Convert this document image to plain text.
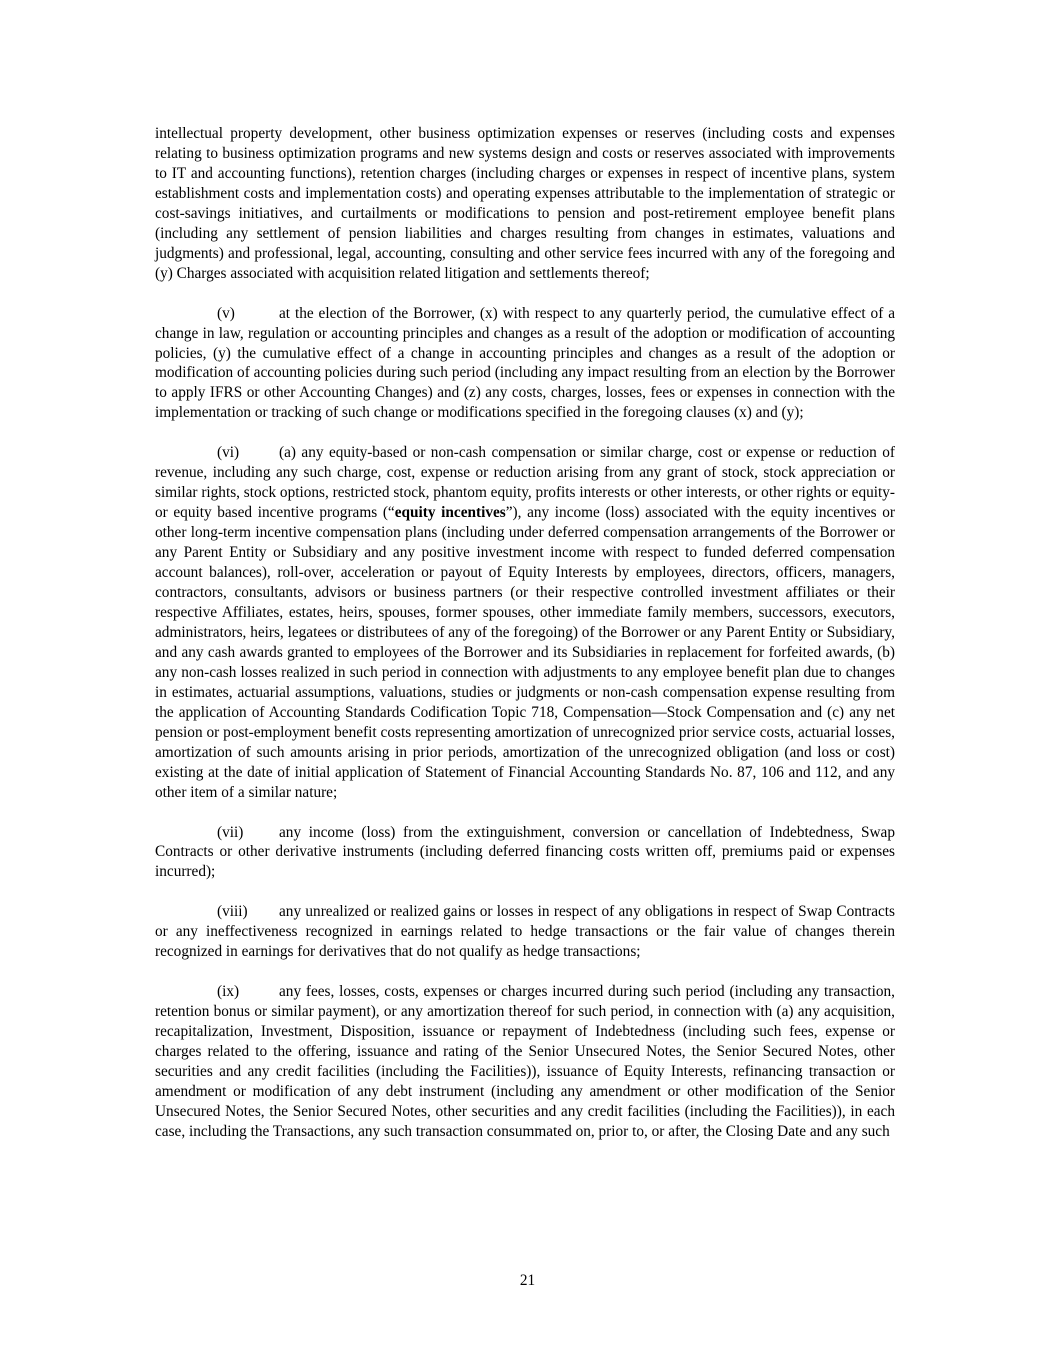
intellectual property development, other business optimization expenses or reserves (including costs and expenses relating to business optimization programs and new systems design and costs or reserves associated with improvements to IT and accounting functions), retention charges (including charges or expenses in respect of incentive plans, system establishment costs and implementation costs) and operating expenses attributable to the implementation of strategic or cost-savings initiatives, and curtailments or modifications to pension and post-retirement employee benefit plans (including any settlement of pension liabilities and charges resulting from changes in estimates, valuations and judgments) and professional, legal, accounting, consulting and other service fees incurred with any of the foregoing and (y) Charges associated with acquisition related litigation and settlements thereof;

(v)	at the election of the Borrower, (x) with respect to any quarterly period, the cumulative effect of a change in law, regulation or accounting principles and changes as a result of the adoption or modification of accounting policies, (y) the cumulative effect of a change in accounting principles and changes as a result of the adoption or modification of accounting policies during such period (including any impact resulting from an election by the Borrower to apply IFRS or other Accounting Changes) and (z) any costs, charges, losses, fees or expenses in connection with the implementation or tracking of such change or modifications specified in the foregoing clauses (x) and (y);

(vi)	(a) any equity-based or non-cash compensation or similar charge, cost or expense or reduction of revenue, including any such charge, cost, expense or reduction arising from any grant of stock, stock appreciation or similar rights, stock options, restricted stock, phantom equity, profits interests or other interests, or other rights or equity- or equity based incentive programs (“equity incentives”), any income (loss) associated with the equity incentives or other long-term incentive compensation plans (including under deferred compensation arrangements of the Borrower or any Parent Entity or Subsidiary and any positive investment income with respect to funded deferred compensation account balances), roll-over, acceleration or payout of Equity Interests by employees, directors, officers, managers, contractors, consultants, advisors or business partners (or their respective controlled investment affiliates or their respective Affiliates, estates, heirs, spouses, former spouses, other immediate family members, successors, executors, administrators, heirs, legatees or distributees of any of the foregoing) of the Borrower or any Parent Entity or Subsidiary, and any cash awards granted to employees of the Borrower and its Subsidiaries in replacement for forfeited awards, (b) any non-cash losses realized in such period in connection with adjustments to any employee benefit plan due to changes in estimates, actuarial assumptions, valuations, studies or judgments or non-cash compensation expense resulting from the application of Accounting Standards Codification Topic 718, Compensation—Stock Compensation and (c) any net pension or post-employment benefit costs representing amortization of unrecognized prior service costs, actuarial losses, amortization of such amounts arising in prior periods, amortization of the unrecognized obligation (and loss or cost) existing at the date of initial application of Statement of Financial Accounting Standards No. 87, 106 and 112, and any other item of a similar nature;

(vii) any income (loss) from the extinguishment, conversion or cancellation of Indebtedness, Swap Contracts or other derivative instruments (including deferred financing costs written off, premiums paid or expenses incurred);

(viii) any unrealized or realized gains or losses in respect of any obligations in respect of Swap Contracts or any ineffectiveness recognized in earnings related to hedge transactions or the fair value of changes therein recognized in earnings for derivatives that do not qualify as hedge transactions;

(ix)	any fees, losses, costs, expenses or charges incurred during such period (including any transaction, retention bonus or similar payment), or any amortization thereof for such period, in connection with (a) any acquisition, recapitalization, Investment, Disposition, issuance or repayment of Indebtedness (including such fees, expense or charges related to the offering, issuance and rating of the Senior Unsecured Notes, the Senior Secured Notes, other securities and any credit facilities (including the Facilities)), issuance of Equity Interests, refinancing transaction or amendment or modification of any debt instrument (including any amendment or other modification of the Senior Unsecured Notes, the Senior Secured Notes, other securities and any credit facilities (including the Facilities)), in each case, including the Transactions, any such transaction consummated on, prior to, or after, the Closing Date and any such

21
